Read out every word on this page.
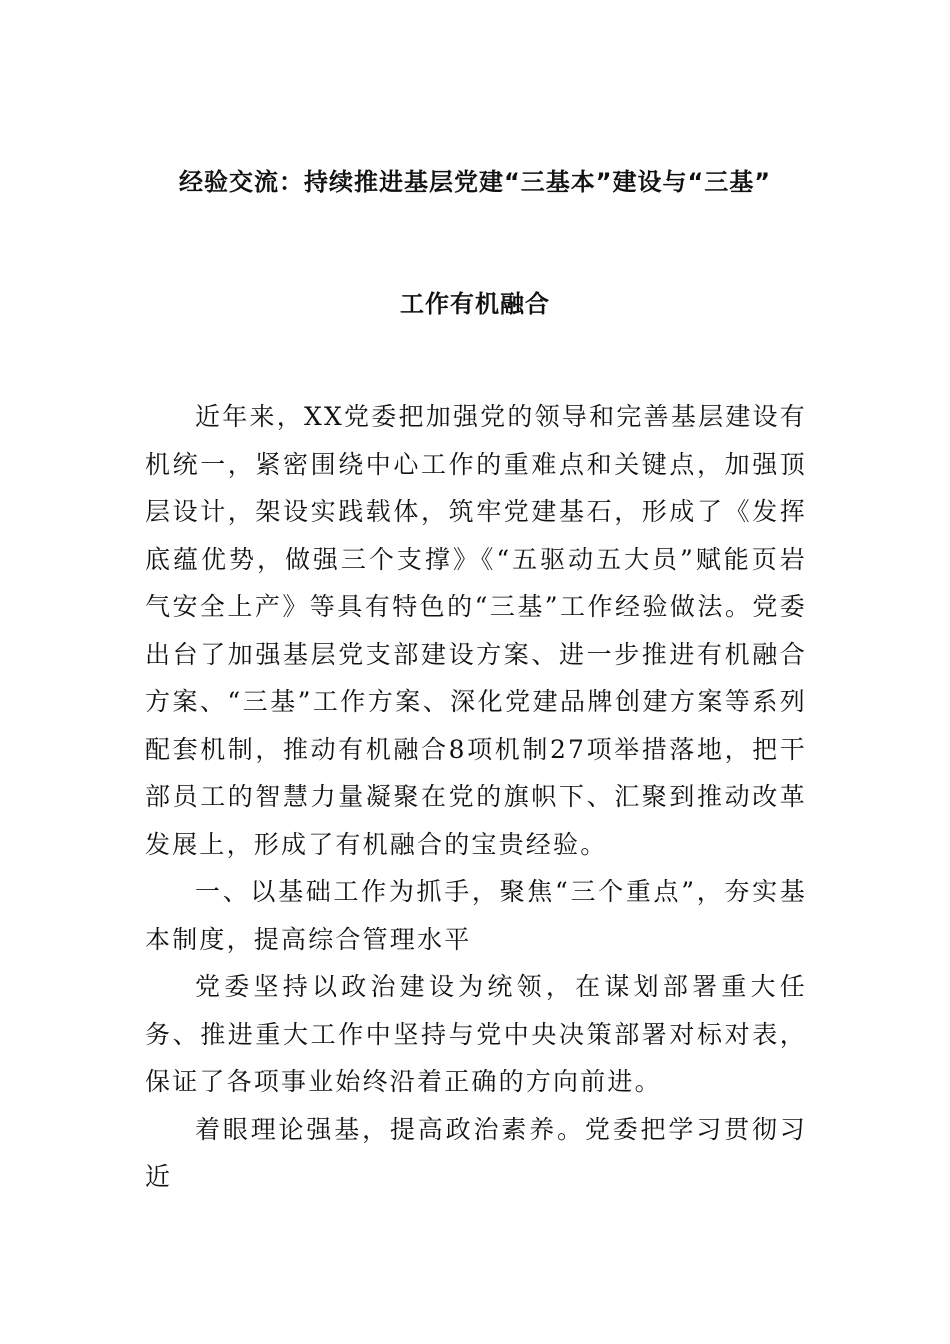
经验交流：持续推进基层党建“三基本”建设与“三基”
工作有机融合

近年来，XX党委把加强党的领导和完善基层建设有机统一，紧密围绕中心工作的重难点和关键点，加强顶层设计，架设实践载体，筑牢党建基石，形成了《发挥底蕴优势，做强三个支撑》《“五驱动五大员”赋能页岩气安全上产》等具有特色的“三基”工作经验做法。党委出台了加强基层党支部建设方案、进一步推进有机融合方案、“三基”工作方案、深化党建品牌创建方案等系列配套机制，推动有机融合8项机制27项举措落地，把干部员工的智慧力量凝聚在党的旗帜下、汇聚到推动改革发展上，形成了有机融合的宝贵经验。

一、以基础工作为抓手，聚焦“三个重点”，夯实基本制度，提高综合管理水平

党委坚持以政治建设为统领，在谋划部署重大任务、推进重大工作中坚持与党中央决策部署对标对表，保证了各项事业始终沿着正确的方向前进。

着眼理论强基，提高政治素养。党委把学习贯彻习近
